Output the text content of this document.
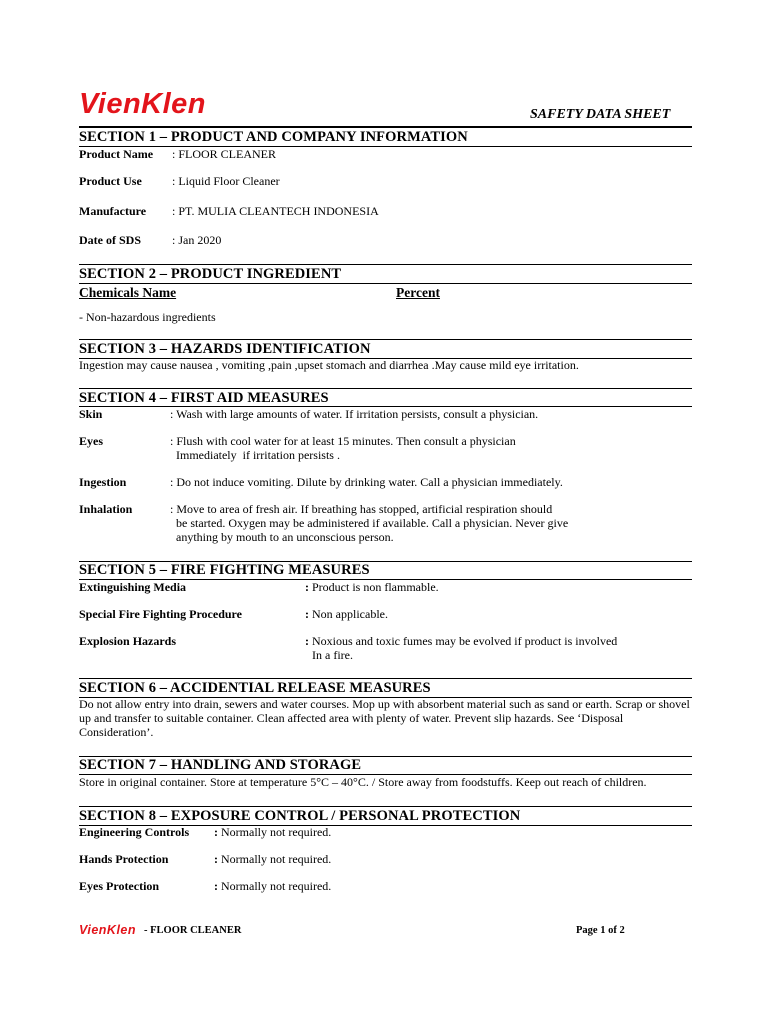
VienKlen	SAFETY DATA SHEET
SECTION 1 – PRODUCT AND COMPANY INFORMATION
Product Name : FLOOR CLEANER
Product Use	: Liquid Floor Cleaner
Manufacture : PT. MULIA CLEANTECH INDONESIA
Date of SDS	: Jan 2020
SECTION 2 – PRODUCT INGREDIENT
Chemicals Name	Percent
- Non-hazardous ingredients
SECTION 3 – HAZARDS IDENTIFICATION
Ingestion may cause nausea , vomiting ,pain ,upset stomach and diarrhea .May cause mild eye irritation.
SECTION 4 – FIRST AID MEASURES
Skin	: Wash with large amounts of water. If irritation persists, consult a physician.
Eyes	: Flush with cool water for at least 15 minutes. Then consult a physician
Immediately  if irritation persists .
Ingestion	: Do not induce vomiting. Dilute by drinking water. Call a physician immediately.
Inhalation	: Move to area of fresh air. If breathing has stopped, artificial respiration should
be started. Oxygen may be administered if available. Call a physician. Never give
anything by mouth to an unconscious person.
SECTION 5 – FIRE FIGHTING MEASURES
Extinguishing Media	: Product is non flammable.
Special Fire Fighting Procedure	: Non applicable.
Explosion Hazards	: Noxious and toxic fumes may be evolved if product is involved
In a fire.
SECTION 6 – ACCIDENTIAL RELEASE MEASURES
Do not allow entry into drain, sewers and water courses. Mop up with absorbent material such as sand or earth. Scrap or shovel up and transfer to suitable container. Clean affected area with plenty of water. Prevent slip hazards. See ‘Disposal Consideration’.
SECTION 7 – HANDLING AND STORAGE
Store in original container. Store at temperature 5°C – 40°C. / Store away from foodstuffs. Keep out reach of children.
SECTION 8 – EXPOSURE CONTROL / PERSONAL PROTECTION
Engineering Controls : Normally not required.
Hands Protection	: Normally not required.
Eyes Protection	: Normally not required.
VienKlen - FLOOR CLEANER	Page 1 of 2
